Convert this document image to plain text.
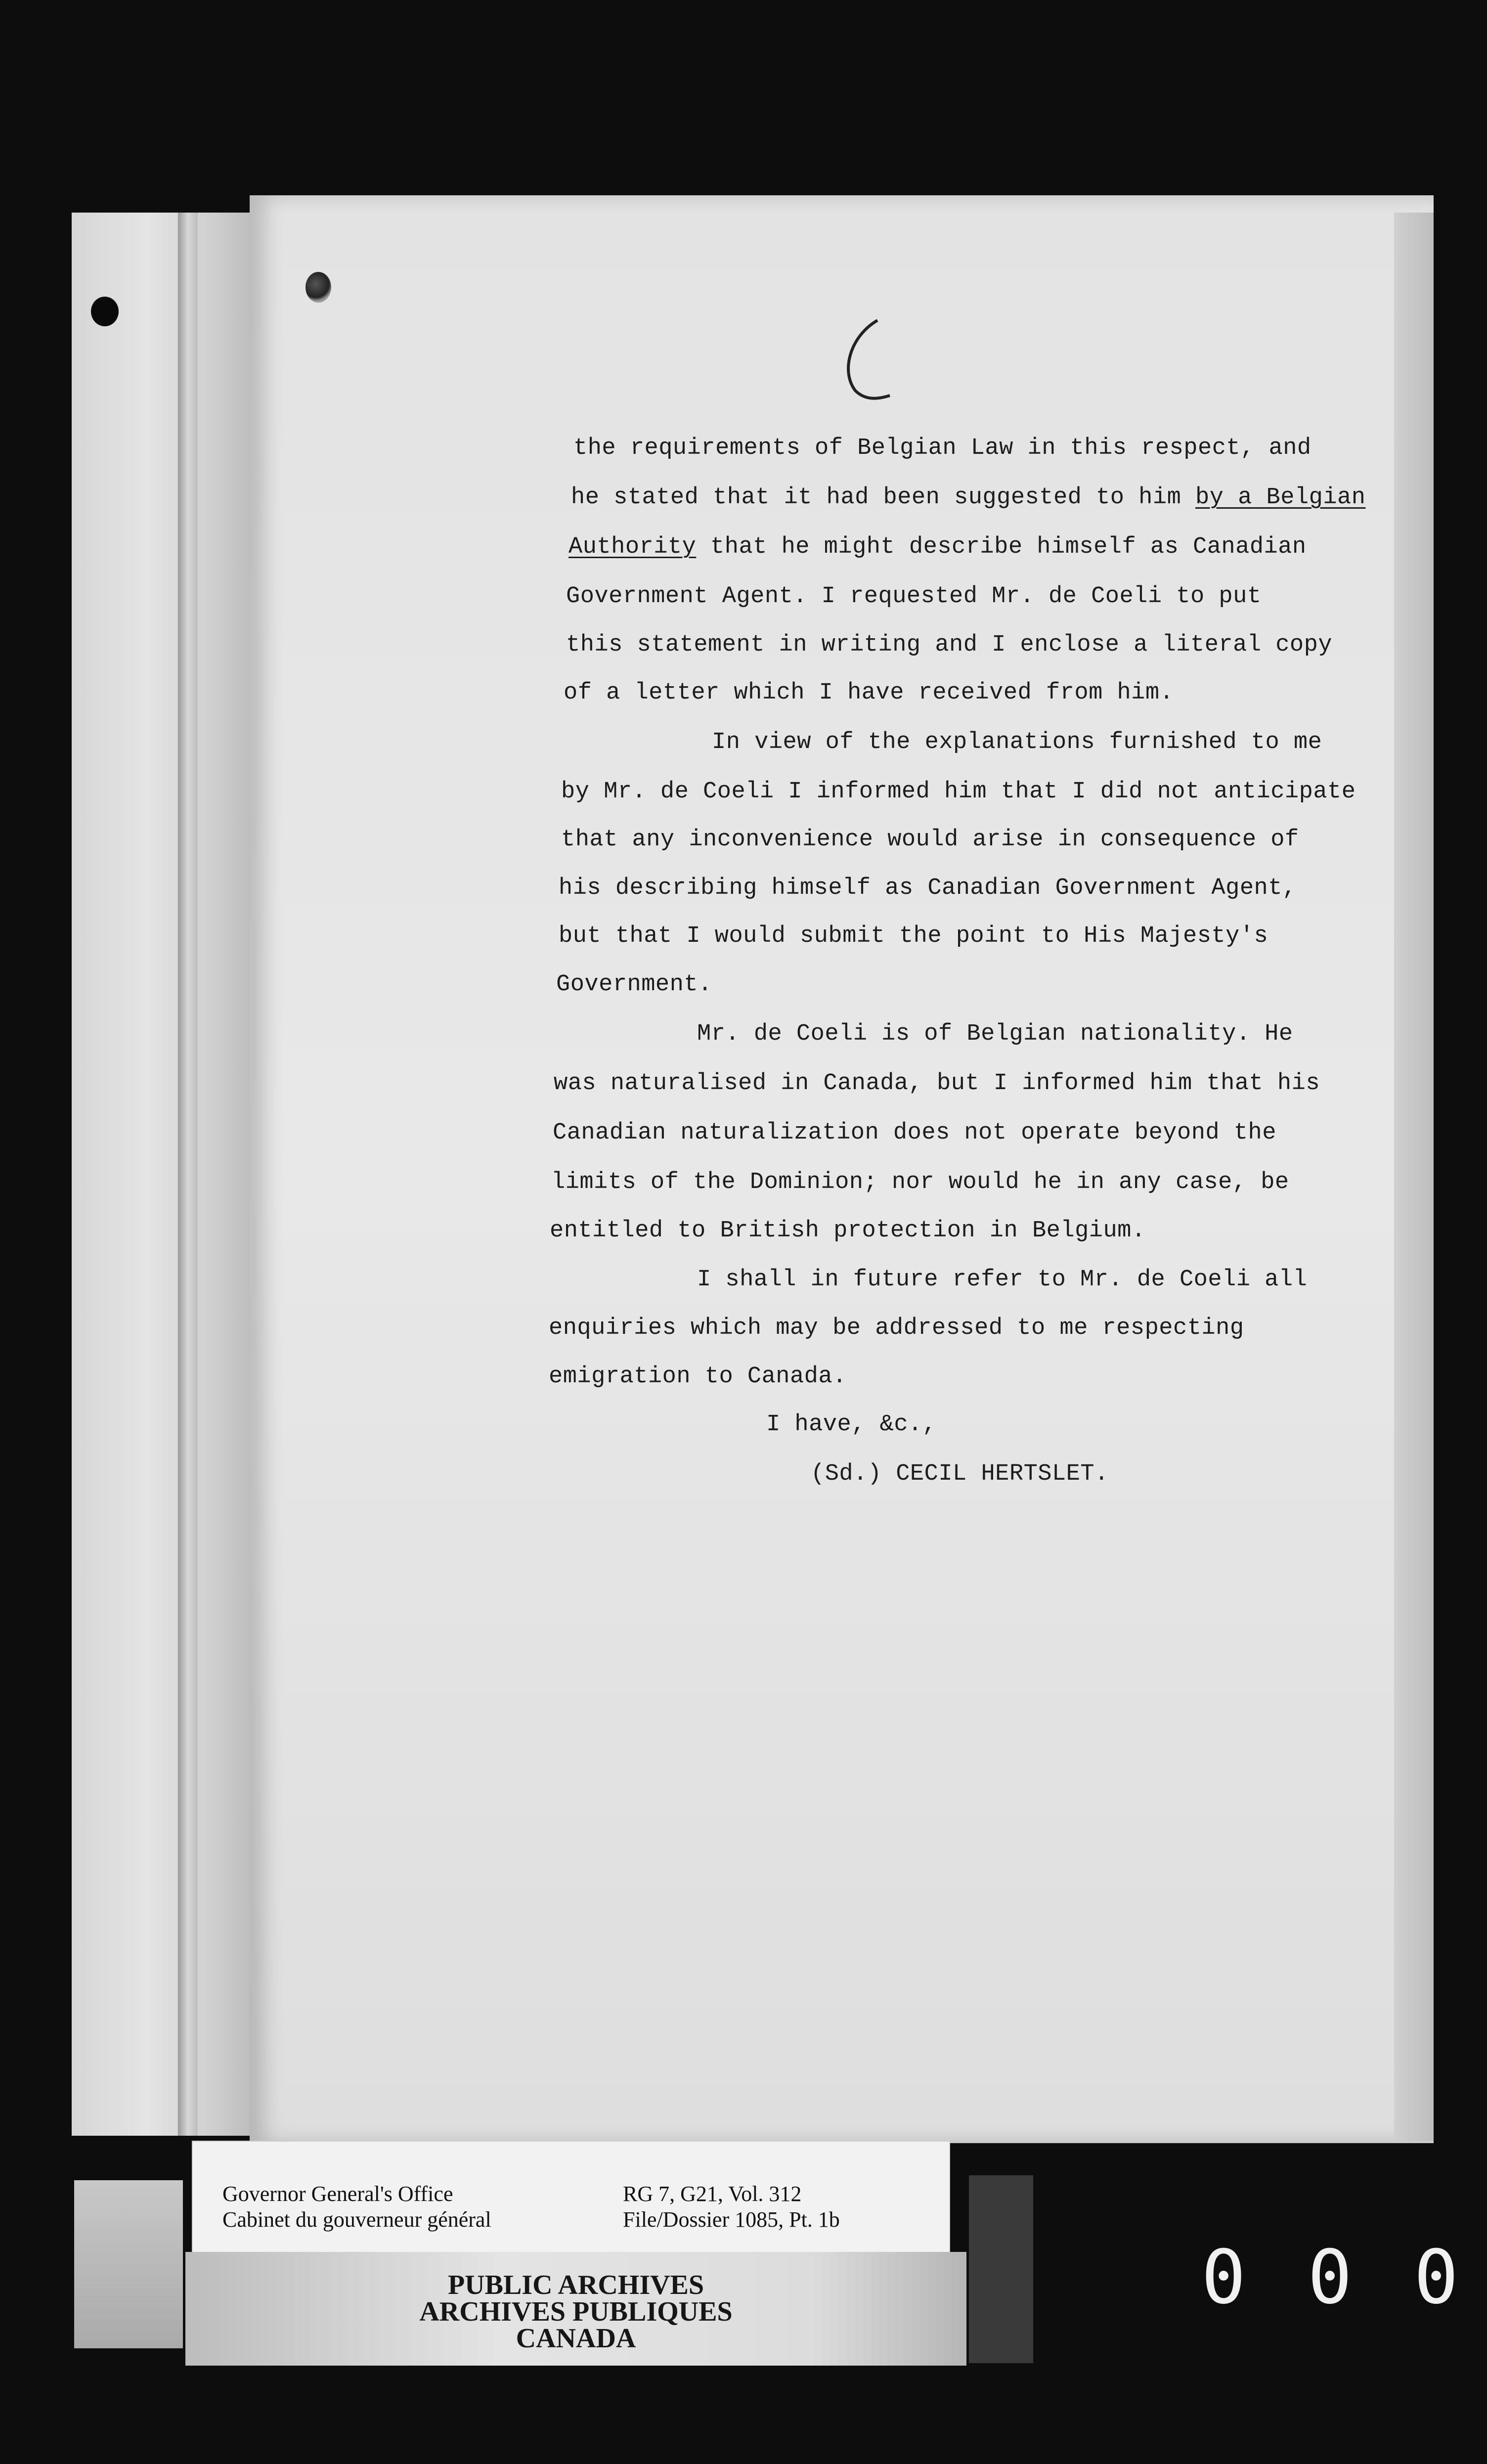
the requirements of Belgian Law in this respect, and
he stated that it had been suggested to him by a Belgian
Authority that he might describe himself as Canadian
Government Agent. I requested Mr. de Coeli to put
this statement in writing and I enclose a literal copy
of a letter which I have received from him.
In view of the explanations furnished to me
by Mr. de Coeli I informed him that I did not anticipate
that any inconvenience would arise in consequence of
his describing himself as Canadian Government Agent,
but that I would submit the point to His Majesty's
Government.
Mr. de Coeli is of Belgian nationality. He
was naturalised in Canada, but I informed him that his
Canadian naturalization does not operate beyond the
limits of the Dominion; nor would he in any case, be
entitled to British protection in Belgium.
I shall in future refer to Mr. de Coeli all
enquiries which may be addressed to me respecting
emigration to Canada.
I have, &c.,
(Sd.) CECIL HERTSLET.
Governor General's Office
Cabinet du gouverneur général
RG 7, G21, Vol. 312
File/Dossier 1085, Pt. 1b
PUBLIC ARCHIVES
ARCHIVES PUBLIQUES
CANADA
0 0 0
